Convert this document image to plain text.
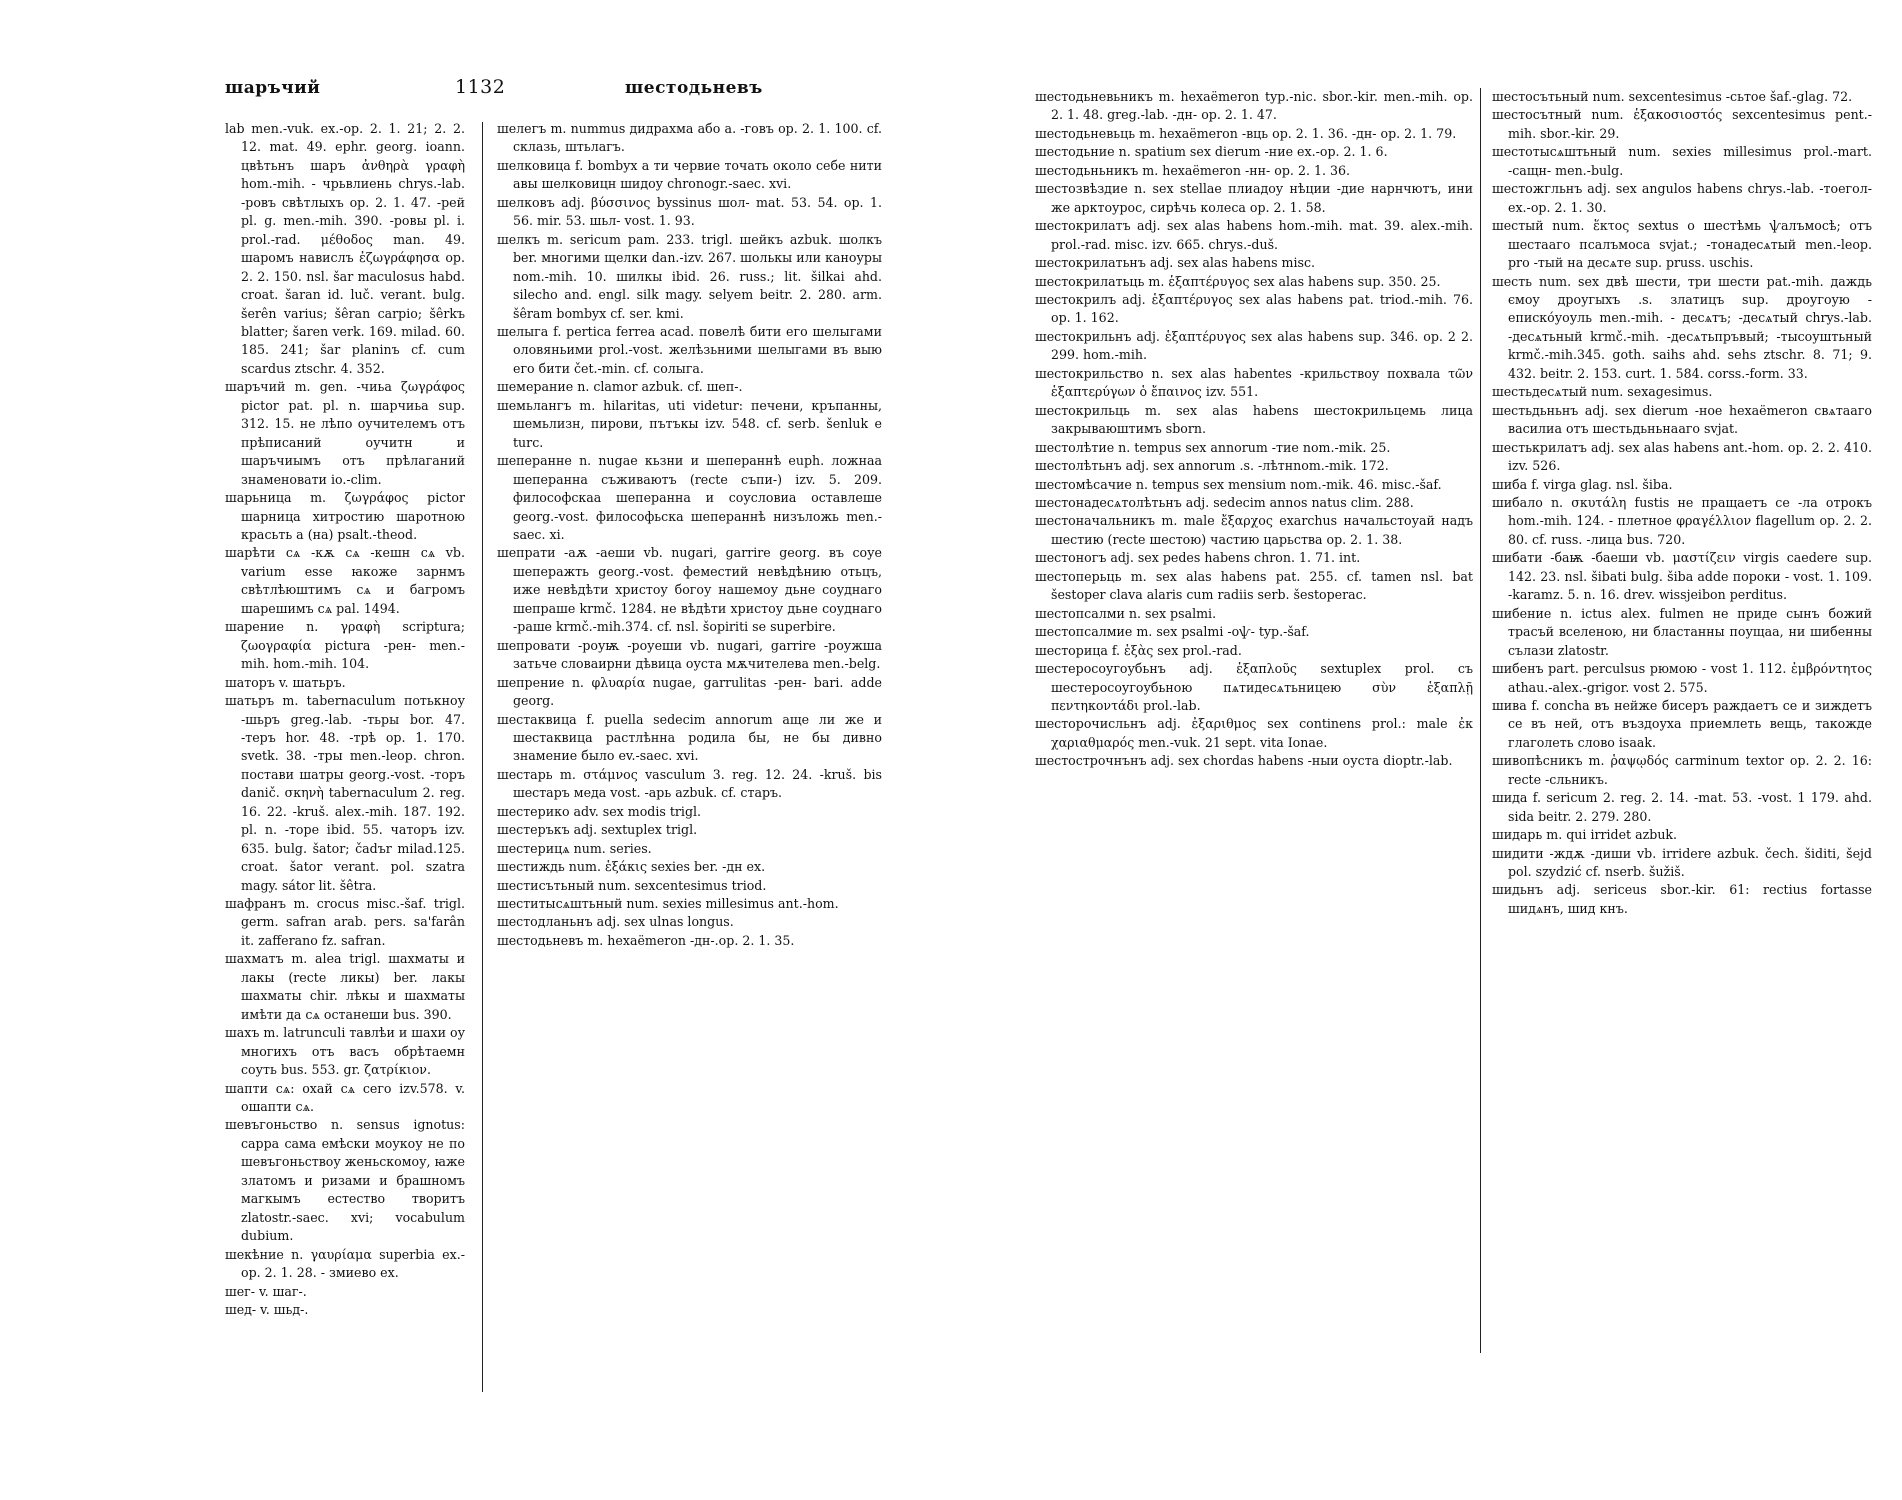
шаръчий	1132	шестодьневъ

lab men.-vuk. ex.-op. 2. 1. 21; 2. 2. 12. mat. 49. ephr. georg. ioann. цвѣтьнъ шаръ ἀνθηρὰ γραφὴ hom.-mih. - чрьвлиень chrys.-lab. -ровъ свѣтлыхъ op. 2. 1. 47. -рей pl. g. men.-mih. 390. -ровы pl. i. prol.-rad. μέθοδος man. 49. шаромъ навислъ ἐζωγράφησα op. 2. 2. 150. nsl. šar maculosus habd. croat. šaran id. luč. verant. bulg. šerên varius; šêran carpio; šêrkъ blatter; šaren verk. 169. milad. 60. 185. 241; šar planinъ cf. cum scardus ztschr. 4. 352.

шаръчий m. gen. -чиьа ζωγράφος pictor pat. pl. n. шарчиьа sup. 312. 15. не лѣпо оучителемъ отъ прѣписаний оучитн и шаръчиымъ отъ прѣлаганий знаменовати io.-clim.

шарьница m. ζωγράφος pictor шарница хитростию шаротною красьть а (на) psalt.-theod.

шарѣти сѧ -кѫ сѧ -кешн сѧ vb. varium esse ꙗкоже зарнмъ свѣтлѣюштимъ сѧ и багромъ шарешимъ сѧ pal. 1494.

шарение n. γραφὴ scriptura; ζωογραφία pictura -рен- men.-mih. hom.-mih. 104.

шаторъ v. шатьръ.

шатьръ m. tabernaculum потькноу -шьръ greg.-lab. -тьры bor. 47. -теръ hor. 48. -трѣ op. 1. 170. svetk. 38. -тры men.-leop. chron. постави шатры georg.-vost. -торъ danič. σκηνὴ tabernaculum 2. reg. 16. 22. -kruš. alex.-mih. 187. 192. pl. n. -торе ibid. 55. чаторъ izv. 635. bulg. šator; čadъr milad.125. croat. šator verant. pol. szatra magy. sátor lit. šêtra.

шафранъ m. crocus misc.-šaf. trigl. germ. safran arab. pers. sa'farân it. zafferano fz. safran.

шахматъ m. alea trigl. шахматы и лакы (recte ликы) ber. лакы шахматы chir. лѣкы и шахматы имѣти да сѧ останеши bus. 390.

шахъ m. latrunculi тавлѣи и шахи оу многихъ отъ васъ обрѣтаемн соуть bus. 553. gr. ζατρίκιον.

шапти сѧ: охай сѧ сего izv.578. v. ошапти сѧ.

шевъгоньство n. sensus ignotus: сарра сама емѣски моукоу не по шевъгоньствоу женьскомоу, ꙗже златомъ и ризами и брашномъ магкымъ естество творитъ zlatostr.-saec. xvi; vocabulum dubium.

шекѣние n. γαυρίαμα superbia ex.-op. 2. 1. 28. - змиево ex.

шег- v. шаг-.

шед- v. шьд-.

шелегъ m. nummus дидрахма або а. -говъ op. 2. 1. 100. cf. склазь, штьлагъ.

шелковица f. bombyx а ти червие точать около себе нити авы шелковицн шидоу chronogr.-saec. xvi.

шелковъ adj. βύσσινος byssinus шол- mat. 53. 54. op. 1. 56. mir. 53. шьл- vost. 1. 93.

шелкъ m. sericum pam. 233. trigl. шейкъ azbuk. шолкъ ber. многими щелки dan.-izv. 267. шолькы или каноуры nom.-mih. 10. шилкы ibid. 26. russ.; lit. šilkai ahd. silecho and. engl. silk magy. selyem beitr. 2. 280. arm. šêram bombyx cf. ser. kmi.

шелыга f. pertica ferrea acad. повелѣ бити его шелыгами оловяньими prol.-vost. желѣзьними шелыгами въ выю его бити čet.-min. cf. солыга.

шемерание n. clamor azbuk. cf. шеп-.

шемьлангъ m. hilaritas, uti videtur: печени, кръпанны, шемьлизн, пирови, пътъкы izv. 548. cf. serb. šenluk e turc.

шеперанне n. nugae кьзни и шепераннѣ euph. ложнаа шеперанна съживаютъ (recte съпи-) izv. 5. 209. философскаа шеперанна и соусловиа оставлеше georg.-vost. философьска шепераннѣ низъложь men.-saec. xi.

шепрати -аѫ -аеши vb. nugari, garrire georg. въ соуе шеперажть georg.-vost. феместий невѣдѣнию отьцъ, иже невѣдѣти христоу богоу нашемоу дьне соуднаго шепраше krmč. 1284. не вѣдѣти христоу дьне соуднаго -раше krmč.-mih.374. cf. nsl. šopiriti se superbire.

шепровати -роуѭ -роуеши vb. nugari, garrire -роужша затьче словаирни дѣвица оуста мѫчителева men.-belg.

шепрение n. φλυαρία nugae, garrulitas -рен- bari. adde georg.

шестаквица f. puella sedecim annorum аще ли же и шестаквица растлѣнна родила бы, не бы дивно знамение было ev.-saec. xvi.

шестарь m. στάμνος vasculum 3. reg. 12. 24. -kruš. bis шестаръ меда vost. -арь azbuk. cf. старъ.

шестерико adv. sex modis trigl.

шестеръкъ adj. sextuplex trigl.

шестерицѧ num. series.

шестиждь num. ἑξάκις sexies ber. -дн ex.

шестисътьный num. sexcentesimus triod.

шеститысѧштьный num. sexies millesimus ant.-hom.

шестодланьнъ adj. sex ulnas longus.

шестодьневъ m. hexaëmeron -дн-.op. 2. 1. 35.

шестодьневьникъ m. hexaëmeron typ.-nic. sbor.-kir. men.-mih. op. 2. 1. 48. greg.-lab. -дн- op. 2. 1. 47.

шестодьневьць m. hexaëmeron -вць op. 2. 1. 36. -дн- op. 2. 1. 79.

шестодьние n. spatium sex dierum -ние ex.-op. 2. 1. 6.

шестодьньникъ m. hexaëmeron -нн- op. 2. 1. 36.

шестозвѣздие n. sex stellae плиадоу нѣции -дие нарнчютъ, ини же арктоурос, сирѣчь колеса op. 2. 1. 58.

шестокрилатъ adj. sex alas habens hom.-mih. mat. 39. alex.-mih. prol.-rad. misc. izv. 665. chrys.-duš.

шестокрилатьнъ adj. sex alas habens misc.

шестокрилатьць m. ἑξαπτέρυγος sex alas habens sup. 350. 25.

шестокрилъ adj. ἑξαπτέρυγος sex alas habens pat. triod.-mih. 76. op. 1. 162.

шестокрильнъ adj. ἑξαπτέρυγος sex alas habens sup. 346. op. 2 2. 299. hom.-mih.

шестокрильство n. sex alas habentes -крильствоу похвала τῶν ἑξαπτερύγων ὁ ἔπαινος izv. 551.

шестокрильць m. sex alas habens шестокрильцемь лица закрываюштимъ sborn.

шестолѣтие n. tempus sex annorum -тие nom.-mik. 25.

шестолѣтьнъ adj. sex annorum .s. -лѣтнnom.-mik. 172.

шестомѣсачие n. tempus sex mensium nom.-mik. 46. misc.-šaf.

шестонадесѧтолѣтьнъ adj. sedecim annos natus clim. 288.

шестоначальникъ m. male ἔξαρχος exarchus начальстоуай надъ шестию (recte шестою) частию царьства op. 2. 1. 38.

шестоногъ adj. sex pedes habens chron. 1. 71. int.

шестоперьць m. sex alas habens pat. 255. cf. tamen nsl. bat šestoper clava alaris cum radiis serb. šestoperac.

шестопсалми n. sex psalmi.

шестопсалмие m. sex psalmi -оѱ- typ.-šaf.

шесторица f. ἑξὰς sex prol.-rad.

шестеросоугоубьнъ adj. ἑξαπλοῦς sextuplex prol. съ шестеросоугоубьною пѧтидесѧтьницею σὺν ἑξαπλῇ πεντηκοντάδι prol.-lab.

шесторочисльнъ adj. ἐξαριθμος sex continens prol.: male ἐκ χαριαθμαρός men.-vuk. 21 sept. vita Ionae.

шестострочнънъ adj. sex chordas habens -ныи оуста dioptr.-lab.

шестосътьный num. sexcentesimus -сьтое šaf.-glag. 72.

шестосътный num. ἑξακοσιοστός sexcentesimus pent.-mih. sbor.-kir. 29.

шестотысѧштьный num. sexies millesimus prol.-mart. -сащн- men.-bulg.

шестожгльнъ adj. sex angulos habens chrys.-lab. -тоегол- ex.-op. 2. 1. 30.

шестый num. ἕκτος sextus о шестѣмь ѱалъмосѣ; отъ шестааго псалъмоса svjat.; -тонадесѧтый men.-leop. pro -тый на десѧте sup. pruss. uschis.

шесть num. sex двѣ шести, три шести pat.-mih. даждь ємоу дроугыхъ .s. златицъ sup. дроугоую - еписко́уоуль men.-mih. - десѧтъ; -десѧтый chrys.-lab. -десѧтьный krmč.-mih. -десѧтьпръвый; -тысоуштьный krmč.-mih.345. goth. saihs ahd. sehs ztschr. 8. 71; 9. 432. beitr. 2. 153. curt. 1. 584. corss.-form. 33.

шестьдесѧтый num. sexagesimus.

шестьдьньнъ adj. sex dierum -ное hexaëmeron свѧтаагo василиа отъ шестьдьньнаагo svjat.

шестькрилатъ adj. sex alas habens ant.-hom. op. 2. 2. 410. izv. 526.

шиба f. virga glag. nsl. šiba.

шибало n. σκυτάλη fustis не пращаетъ се -ла отрокъ hom.-mih. 124. - плетное φραγέλλιον flagellum op. 2. 2. 80. cf. russ. -лица bus. 720.

шибати -баѭ -баеши vb. μαστίζειν virgis caedere sup. 142. 23. nsl. šibati bulg. šiba adde пороки - vost. 1. 109. -karamz. 5. n. 16. drev. wissjeibon perditus.

шибение n. ictus alex. fulmen не приде сынъ божий трасъй вселеною, ни бластанны поущаа, ни шибенны сълази zlatostr.

шибенъ part. perculsus рюмою - vost 1. 112. ἐμβρόντητος athau.-alex.-grigor. vost 2. 575.

шива f. concha въ нейже бисеръ раждаетъ се и зиждетъ се въ ней, отъ въздоуха приемлеть вещь, такожде глаголеть слово isaak.

шивопѣсникъ m. ῥαψῳδός carminum textor op. 2. 2. 16: recte -сльникъ.

шида f. sericum 2. reg. 2. 14. -mat. 53. -vost. 1 179. ahd. sida beitr. 2. 279. 280.

шидарь m. qui irridet azbuk.

шидити -ждѫ -диши vb. irridere azbuk. čech. šiditi, šejd pol. szydzić cf. nserb. šužiš.

шидьнъ adj. sericeus sbor.-kir. 61: rectius fortasse шидѧнъ, шид кнъ.
